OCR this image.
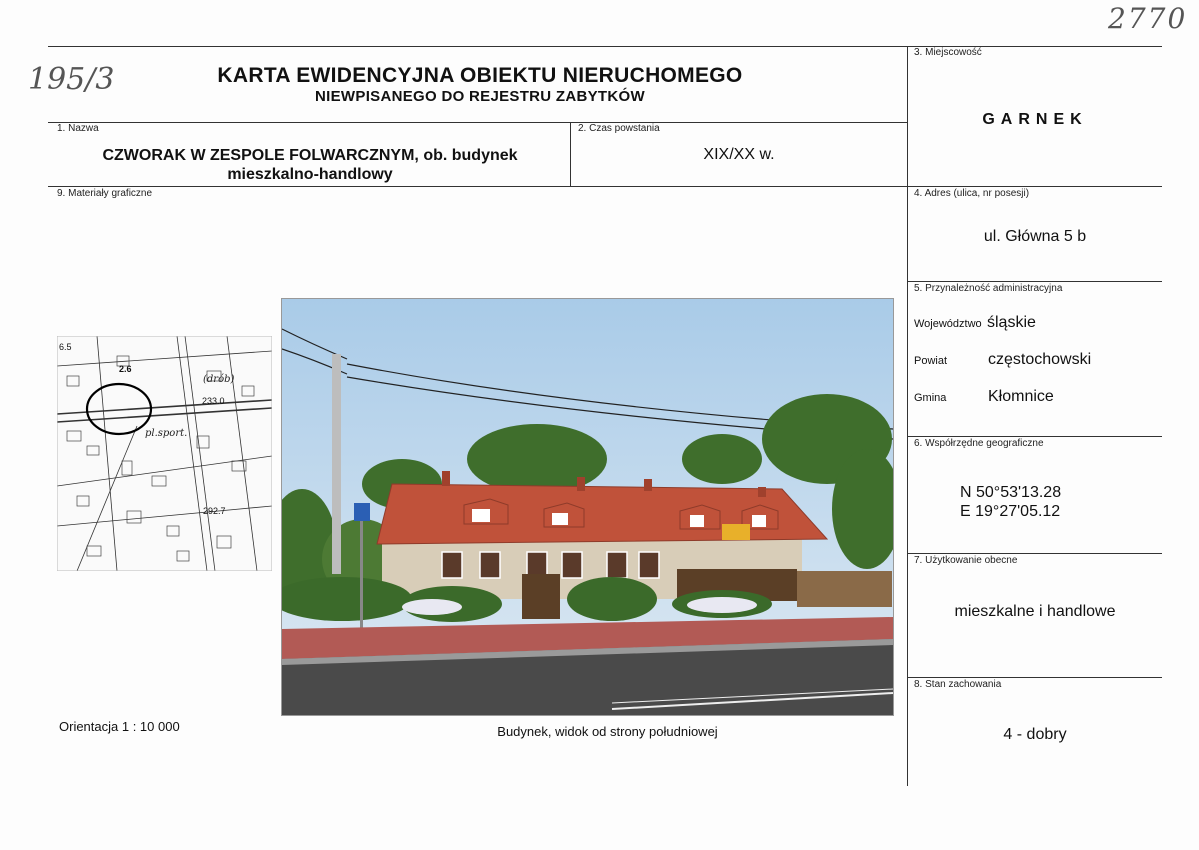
2770
195/3	KARTA EWIDENCYJNA OBIEKTU NIERUCHOMEGO
NIEWPISANEGO DO REJESTRU ZABYTKÓW
1. Nazwa
CZWORAK W ZESPOLE FOLWARCZNYM, ob. budynek
mieszkalno-handlowy
2. Czas powstania
XIX/XX w.
3. Miejscowość
GARNEK
4. Adres (ulica, nr posesji)
ul. Główna 5 b
5. Przynależność administracyjna
Województwo śląskie
Powiat	częstochowski
Gmina	Kłomnice
6. Współrzędne geograficzne
N 50°53'13.28
E 19°27'05.12
7. Użytkowanie obecne
mieszkalne i handlowe
8. Stan zachowania
4 - dobry
9. Materiały graficzne
6.5
2.6
(drób)
233.0
pl.sport.
292.7
Orientacja 1 : 10 000	Budynek, widok od strony południowej
